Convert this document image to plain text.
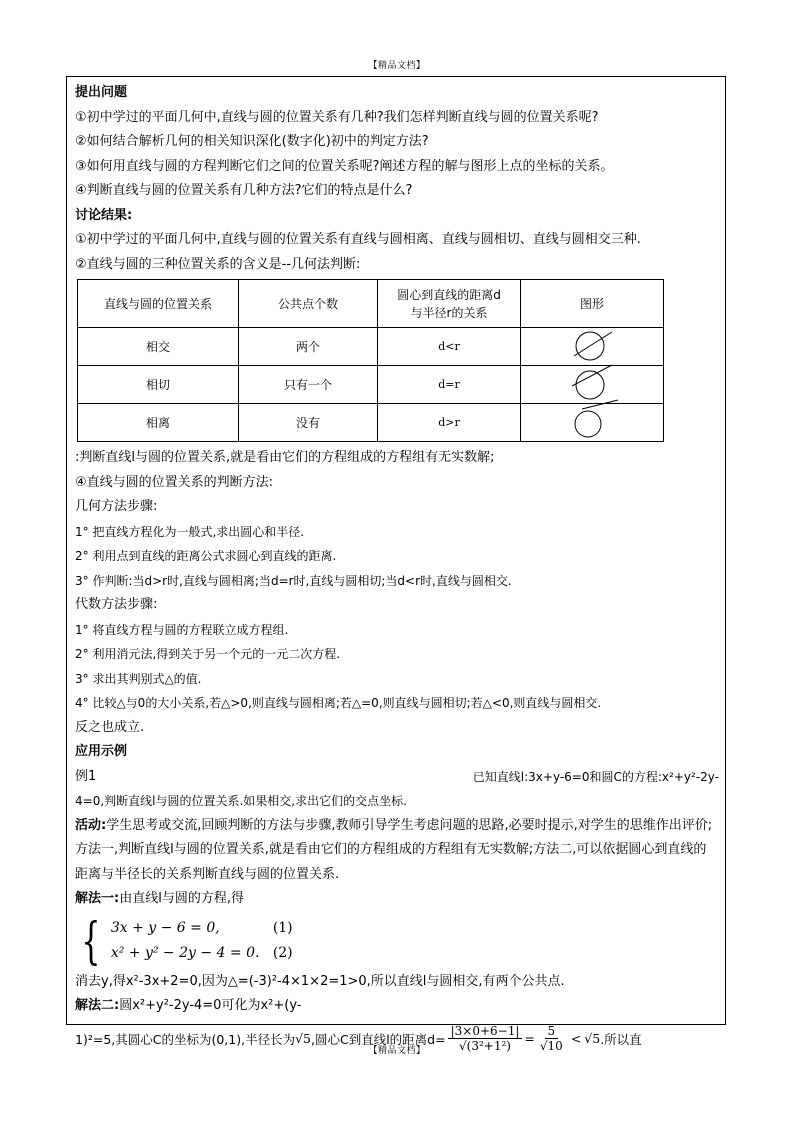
【精品文档】
提出问题
①初中学过的平面几何中,直线与圆的位置关系有几种?我们怎样判断直线与圆的位置关系呢?
②如何结合解析几何的相关知识深化(数字化)初中的判定方法?
③如何用直线与圆的方程判断它们之间的位置关系呢?阐述方程的解与图形上点的坐标的关系。
④判断直线与圆的位置关系有几种方法?它们的特点是什么?
讨论结果:
①初中学过的平面几何中,直线与圆的位置关系有直线与圆相离、直线与圆相切、直线与圆相交三种.
②直线与圆的三种位置关系的含义是--几何法判断:
直线与圆的位置关系	公共点个数	圆心到直线的距离d
与半径r的关系	图形
相交	两个	d<r	
相切	只有一个	d=r	
相离	没有	d>r	
:判断直线l与圆的位置关系,就是看由它们的方程组成的方程组有无实数解;
④直线与圆的位置关系的判断方法:
几何方法步骤:
1° 把直线方程化为一般式,求出圆心和半径.
2° 利用点到直线的距离公式求圆心到直线的距离.
3° 作判断:当d>r时,直线与圆相离;当d=r时,直线与圆相切;当d<r时,直线与圆相交.
代数方法步骤:
1° 将直线方程与圆的方程联立成方程组.
2° 利用消元法,得到关于另一个元的一元二次方程.
3° 求出其判别式△的值.
4° 比较△与0的大小关系,若△>0,则直线与圆相离;若△=0,则直线与圆相切;若△<0,则直线与圆相交.
反之也成立.
应用示例
例1	已知直线l:3x+y-6=0和圆C的方程:x²+y²-2y-
4=0,判断直线l与圆的位置关系.如果相交,求出它们的交点坐标.
活动:学生思考或交流,回顾判断的方法与步骤,教师引导学生考虑问题的思路,必要时提示,对学生的思维作出评价;方法一,判断直线l与圆的位置关系,就是看由它们的方程组成的方程组有无实数解;方法二,可以依据圆心到直线的距离与半径长的关系判断直线与圆的位置关系.
解法一:由直线l与圆的方程,得
{ 3x + y − 6 = 0,	(1)
x² + y² − 2y − 4 = 0. (2)
消去y,得x²-3x+2=0,因为△=(-3)²-4×1×2=1>0,所以直线l与圆相交,有两个公共点.
解法二:圆x²+y²-2y-4=0可化为x²+(y-
1)²=5,其圆心C的坐标为(0,1),半径长为 √5 ,圆心C到直线l的距离$d= \frac{|3\times 0+6-1|}{\text{√(3²+1²)}} = \frac{5}{√10} < √5$ .所以直
【精品文档】
